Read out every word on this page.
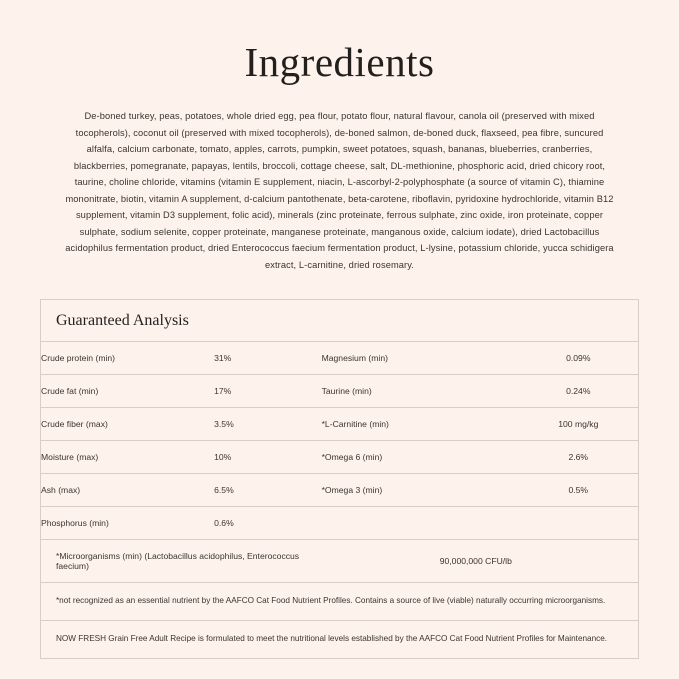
Ingredients
De-boned turkey, peas, potatoes, whole dried egg, pea flour, potato flour, natural flavour, canola oil (preserved with mixed tocopherols), coconut oil (preserved with mixed tocopherols), de-boned salmon, de-boned duck, flaxseed, pea fibre, suncured alfalfa, calcium carbonate, tomato, apples, carrots, pumpkin, sweet potatoes, squash, bananas, blueberries, cranberries, blackberries, pomegranate, papayas, lentils, broccoli, cottage cheese, salt, DL-methionine, phosphoric acid, dried chicory root, taurine, choline chloride, vitamins (vitamin E supplement, niacin, L-ascorbyl-2-polyphosphate (a source of vitamin C), thiamine mononitrate, biotin, vitamin A supplement, d-calcium pantothenate, beta-carotene, riboflavin, pyridoxine hydrochloride, vitamin B12 supplement, vitamin D3 supplement, folic acid), minerals (zinc proteinate, ferrous sulphate, zinc oxide, iron proteinate, copper sulphate, sodium selenite, copper proteinate, manganese proteinate, manganous oxide, calcium iodate), dried Lactobacillus acidophilus fermentation product, dried Enterococcus faecium fermentation product, L-lysine, potassium chloride, yucca schidigera extract, L-carnitine, dried rosemary.
Guaranteed Analysis
Crude protein (min)	31%	Magnesium (min)	0.09%
Crude fat (min)	17%	Taurine (min)	0.24%
Crude fiber (max)	3.5%	*L-Carnitine (min)	100 mg/kg
Moisture (max)	10%	*Omega 6 (min)	2.6%
Ash (max)	6.5%	*Omega 3 (min)	0.5%
Phosphorus (min)	0.6%		
*Microorganisms (min) (Lactobacillus acidophilus, Enterococcus faecium)		90,000,000 CFU/lb	
*not recognized as an essential nutrient by the AAFCO Cat Food Nutrient Profiles. Contains a source of live (viable) naturally occurring microorganisms.
NOW FRESH Grain Free Adult Recipe is formulated to meet the nutritional levels established by the AAFCO Cat Food Nutrient Profiles for Maintenance.
